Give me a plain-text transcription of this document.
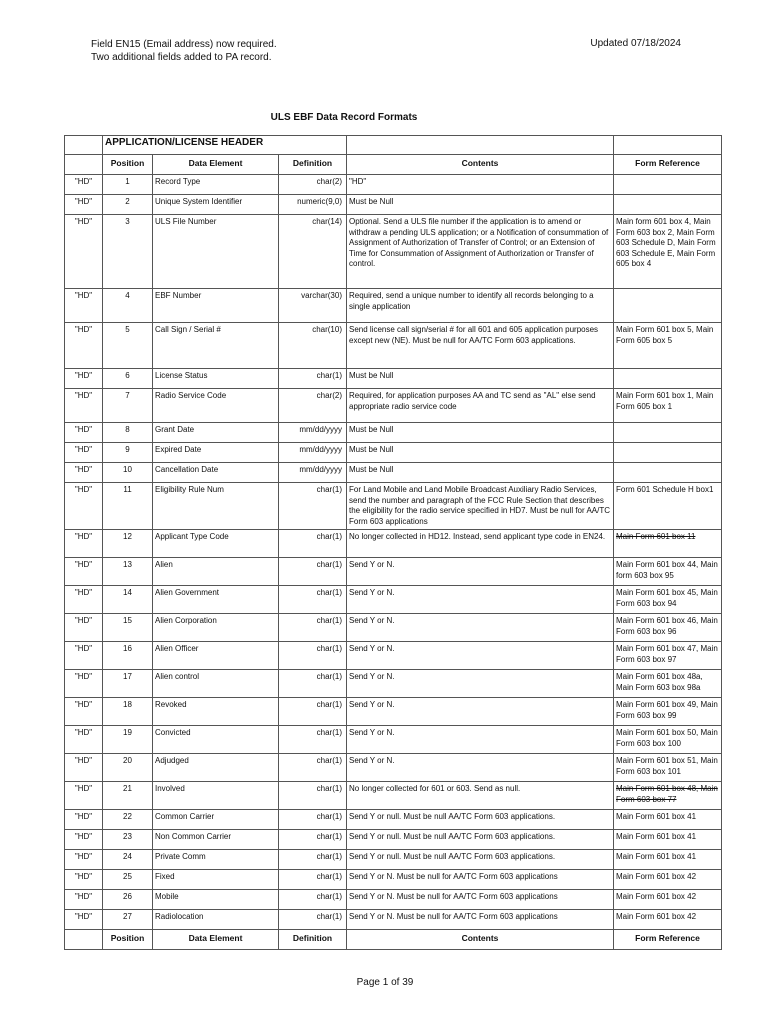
Field EN15 (Email address) now required.
Two additional fields added to PA record.
Updated 07/18/2024
ULS EBF Data Record Formats
	APPLICATION/LICENSE HEADER				
	Position	Data Element	Definition	Contents	Form Reference
"HD"	1	Record Type	char(2)	"HD"	
"HD"	2	Unique System Identifier	numeric(9,0)	Must be Null	
"HD"	3	ULS File Number	char(14)	Optional. Send a ULS file number if the application is to amend or withdraw a pending ULS application; or a Notification of consummation of Assignment of Authorization of Transfer of Control; or an Extension of Time for Consummation of Assignment of Authorization or Transfer of control.	Main form 601 box 4, Main Form 603 box 2, Main Form 603 Schedule D, Main Form 603 Schedule E, Main Form 605 box 4
"HD"	4	EBF Number	varchar(30)	Required, send a unique number to identify all records belonging to a single application	
"HD"	5	Call Sign / Serial #	char(10)	Send license call sign/serial # for all 601 and 605 application purposes except new (NE). Must be null for AA/TC Form 603 applications.	Main Form 601 box 5, Main Form 605 box 5
"HD"	6	License Status	char(1)	Must be Null	
"HD"	7	Radio Service Code	char(2)	Required, for application purposes AA and TC send as "AL" else send appropriate radio service code	Main Form 601 box 1, Main Form 605 box 1
"HD"	8	Grant Date	mm/dd/yyyy	Must be Null	
"HD"	9	Expired Date	mm/dd/yyyy	Must be Null	
"HD"	10	Cancellation Date	mm/dd/yyyy	Must be Null	
"HD"	11	Eligibility Rule Num	char(1)	For Land Mobile and Land Mobile Broadcast Auxiliary Radio Services, send the number and paragraph of the FCC Rule Section that describes the eligibility for the radio service specified in HD7. Must be null for AA/TC Form 603 applications	Form 601 Schedule H box1
"HD"	12	Applicant Type Code	char(1)	No longer collected in HD12. Instead, send applicant type code in EN24.	Main Form 601 box 11
"HD"	13	Alien	char(1)	Send Y or N.	Main Form 601 box 44, Main form 603 box 95
"HD"	14	Alien Government	char(1)	Send Y or N.	Main Form 601 box 45, Main Form 603 box 94
"HD"	15	Alien Corporation	char(1)	Send Y or N.	Main Form 601 box 46, Main Form 603 box 96
"HD"	16	Alien Officer	char(1)	Send Y or N.	Main Form 601 box 47, Main Form 603 box 97
"HD"	17	Alien control	char(1)	Send Y or N.	Main Form 601 box 48a, Main Form 603 box 98a
"HD"	18	Revoked	char(1)	Send Y or N.	Main Form 601 box 49, Main Form 603 box 99
"HD"	19	Convicted	char(1)	Send Y or N.	Main Form 601 box 50, Main Form 603 box 100
"HD"	20	Adjudged	char(1)	Send Y or N.	Main Form 601 box 51, Main Form 603 box 101
"HD"	21	Involved	char(1)	No longer collected for 601 or 603. Send as null.	Main Form 601 box 48, Main Form 603 box 77
"HD"	22	Common Carrier	char(1)	Send Y or null. Must be null AA/TC Form 603 applications.	Main Form 601 box 41
"HD"	23	Non Common Carrier	char(1)	Send Y or null. Must be null AA/TC Form 603 applications.	Main Form 601 box 41
"HD"	24	Private Comm	char(1)	Send Y or null. Must be null AA/TC Form 603 applications.	Main Form 601 box 41
"HD"	25	Fixed	char(1)	Send Y or N. Must be null for AA/TC Form 603 applications	Main Form 601 box 42
"HD"	26	Mobile	char(1)	Send Y or N. Must be null for AA/TC Form 603 applications	Main Form 601 box 42
"HD"	27	Radiolocation	char(1)	Send Y or N. Must be null for AA/TC Form 603 applications	Main Form 601 box 42
	Position	Data Element	Definition	Contents	Form Reference
Page 1 of 39
